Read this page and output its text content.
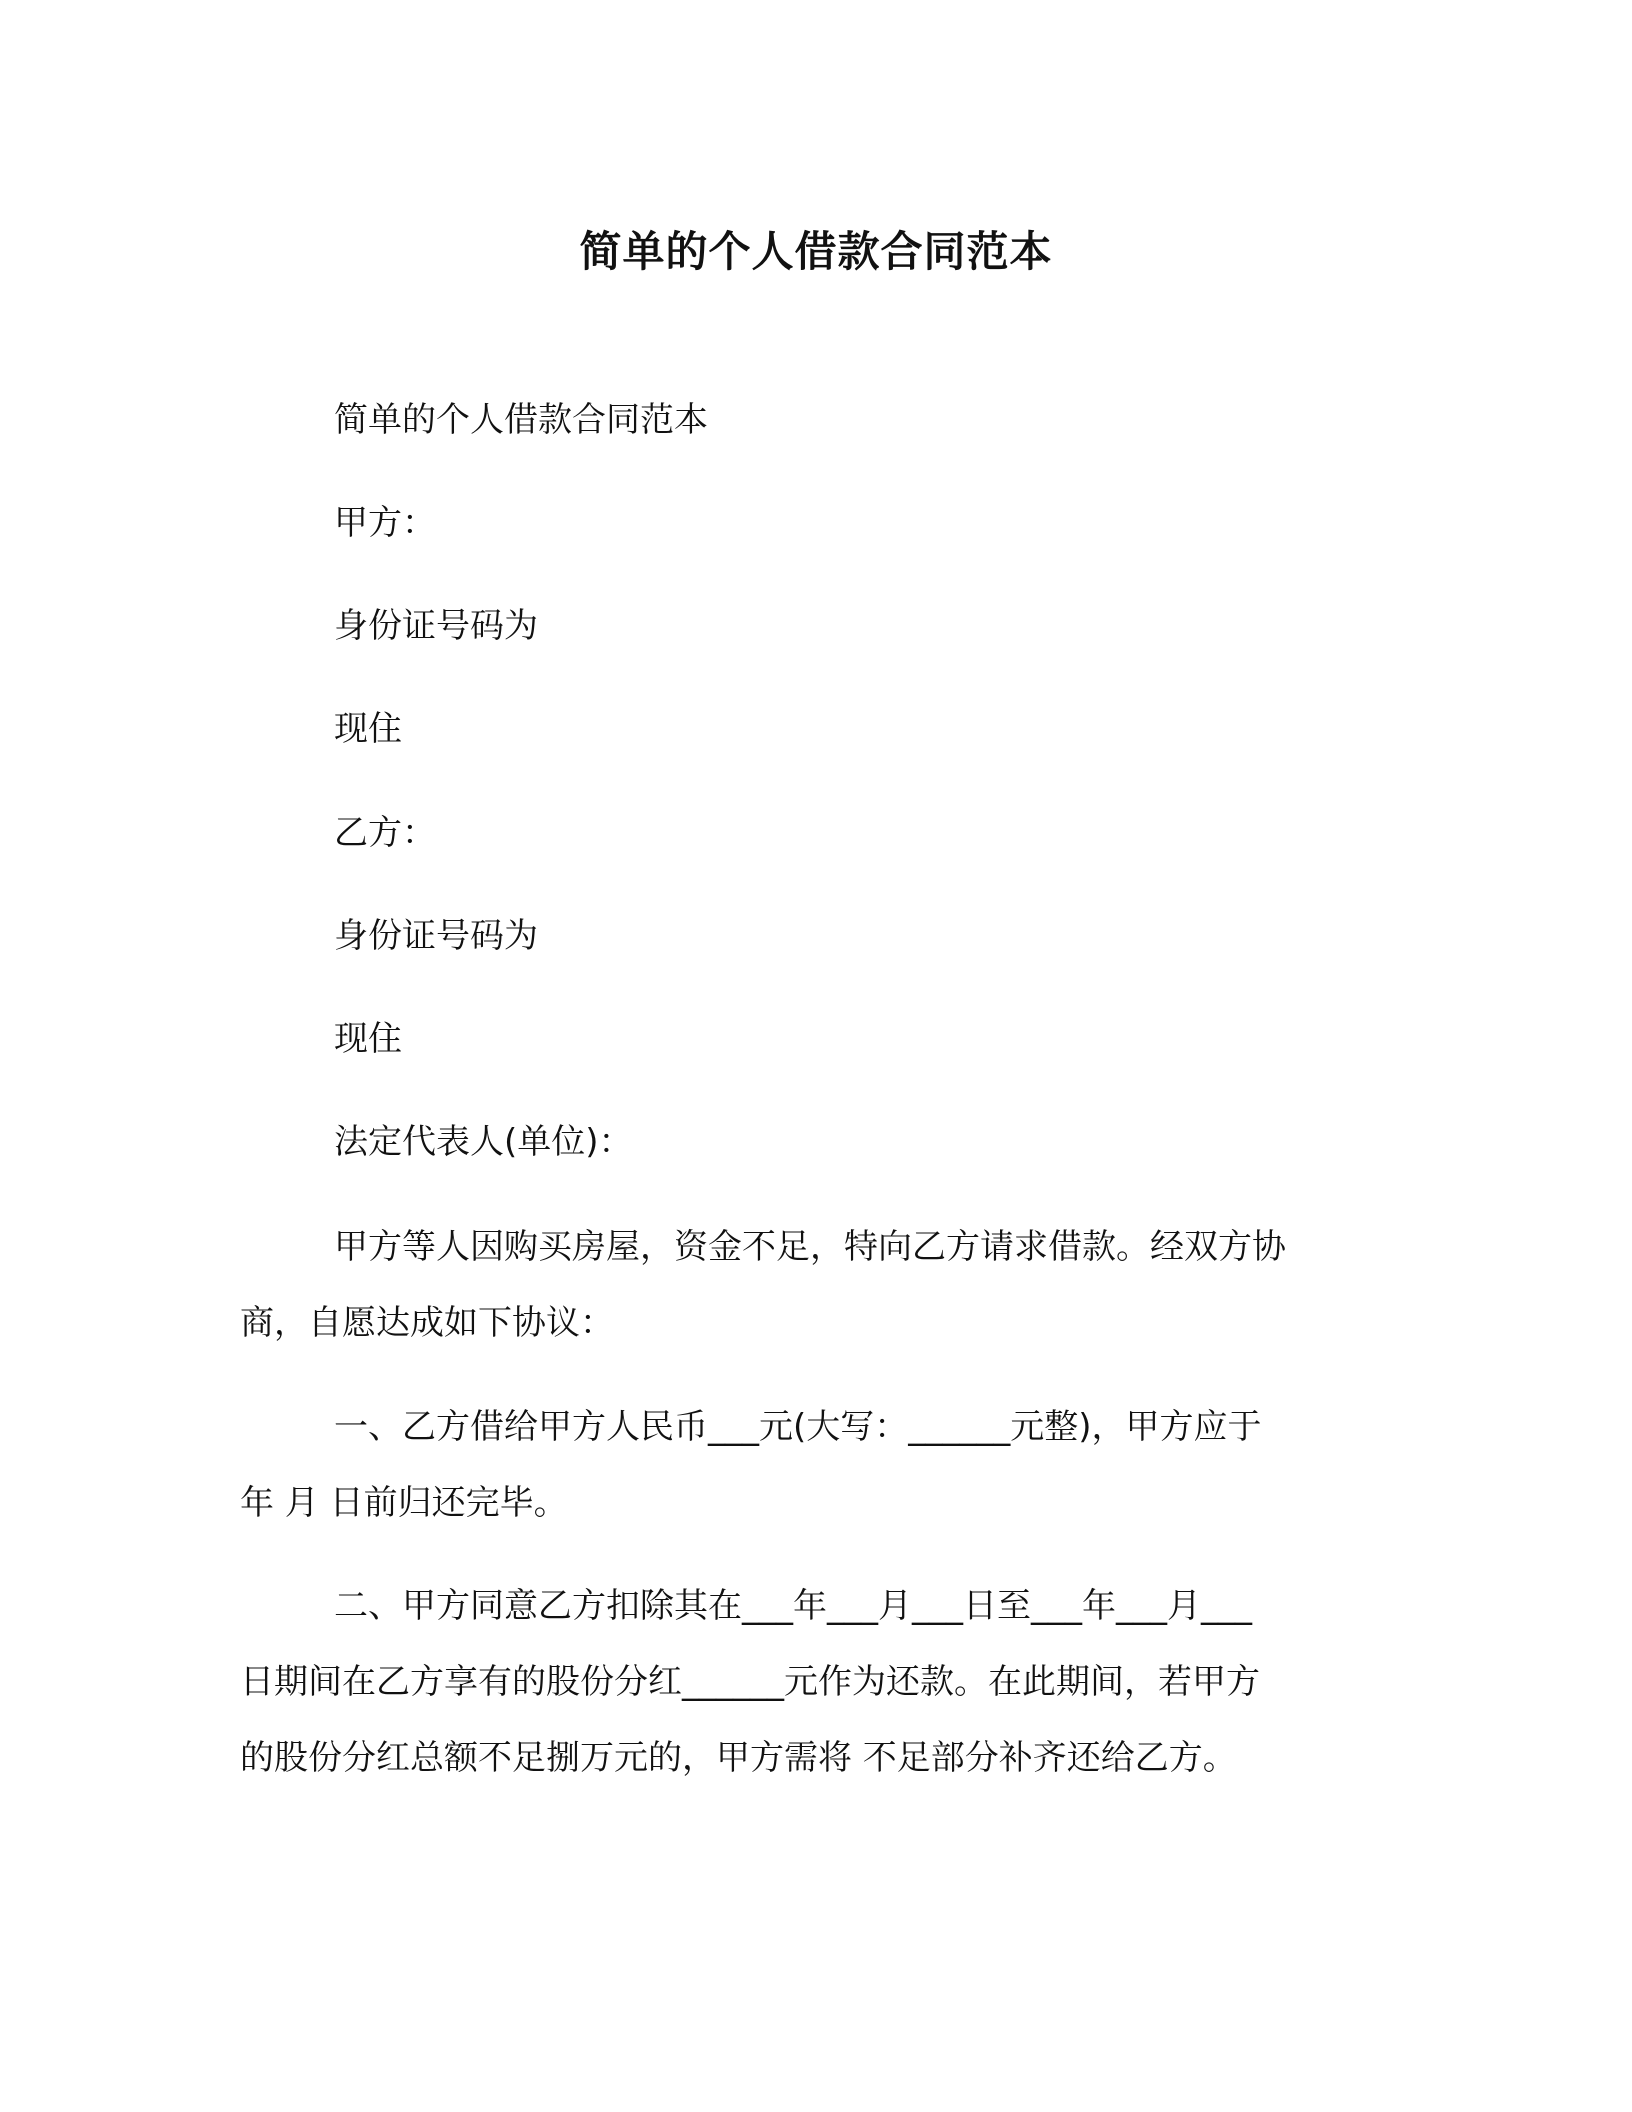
简单的个人借款合同范本
简单的个人借款合同范本
甲方：
身份证号码为
现住
乙方：
身份证号码为
现住
法定代表人(单位)：
甲方等人因购买房屋，资金不足，特向乙方请求借款。经双方协
商，自愿达成如下协议：
一、乙方借给甲方人民币___元(大写：______元整)，甲方应于
年 月 日前归还完毕。
二、甲方同意乙方扣除其在___年___月___日至___年___月___
日期间在乙方享有的股份分红______元作为还款。在此期间，若甲方
的股份分红总额不足捌万元的，甲方需将 不足部分补齐还给乙方。
